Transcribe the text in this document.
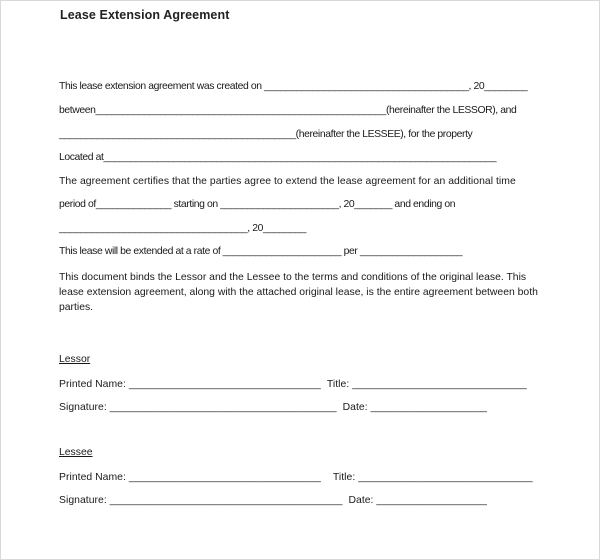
Lease Extension Agreement
This lease extension agreement was created on ______________________________________, 20________
between______________________________________________________(hereinafter the LESSOR), and
____________________________________________(hereinafter the LESSEE), for the property
Located at_________________________________________________________________________
The agreement certifies that the parties agree to extend the lease agreement for an additional time
period of______________ starting on ______________________, 20_______ and ending on
___________________________________, 20________
This lease will be extended at a rate of ______________________ per ___________________
This document binds the Lessor and the Lessee to the terms and conditions of the original lease. This lease extension agreement, along with the attached original lease, is the entire agreement between both parties.
Lessor
Printed Name: _________________________________ Title: ______________________________
Signature: _______________________________________ Date: ____________________
Lessee
Printed Name: _________________________________ Title: ______________________________
Signature: ________________________________________ Date: ___________________
